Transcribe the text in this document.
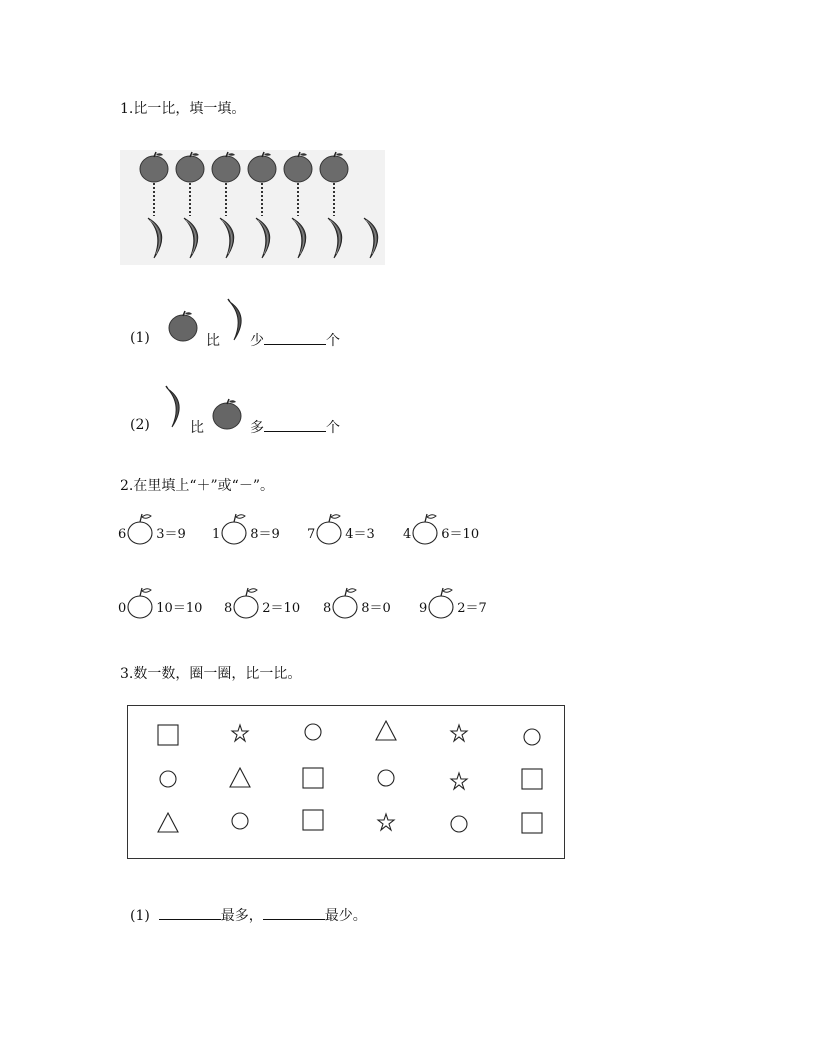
1.比一比，填一填。
(1)	比 少	个
(2)	比	多	个
2.在里填上“＋”或“－”。
6 3＝9 1 8＝9 7 4＝3 4 6＝10
0 10＝10 8 2＝10 8 8＝0 9 2＝7
3.数一数，圈一圈，比一比。
(1)	最多，	最少。
